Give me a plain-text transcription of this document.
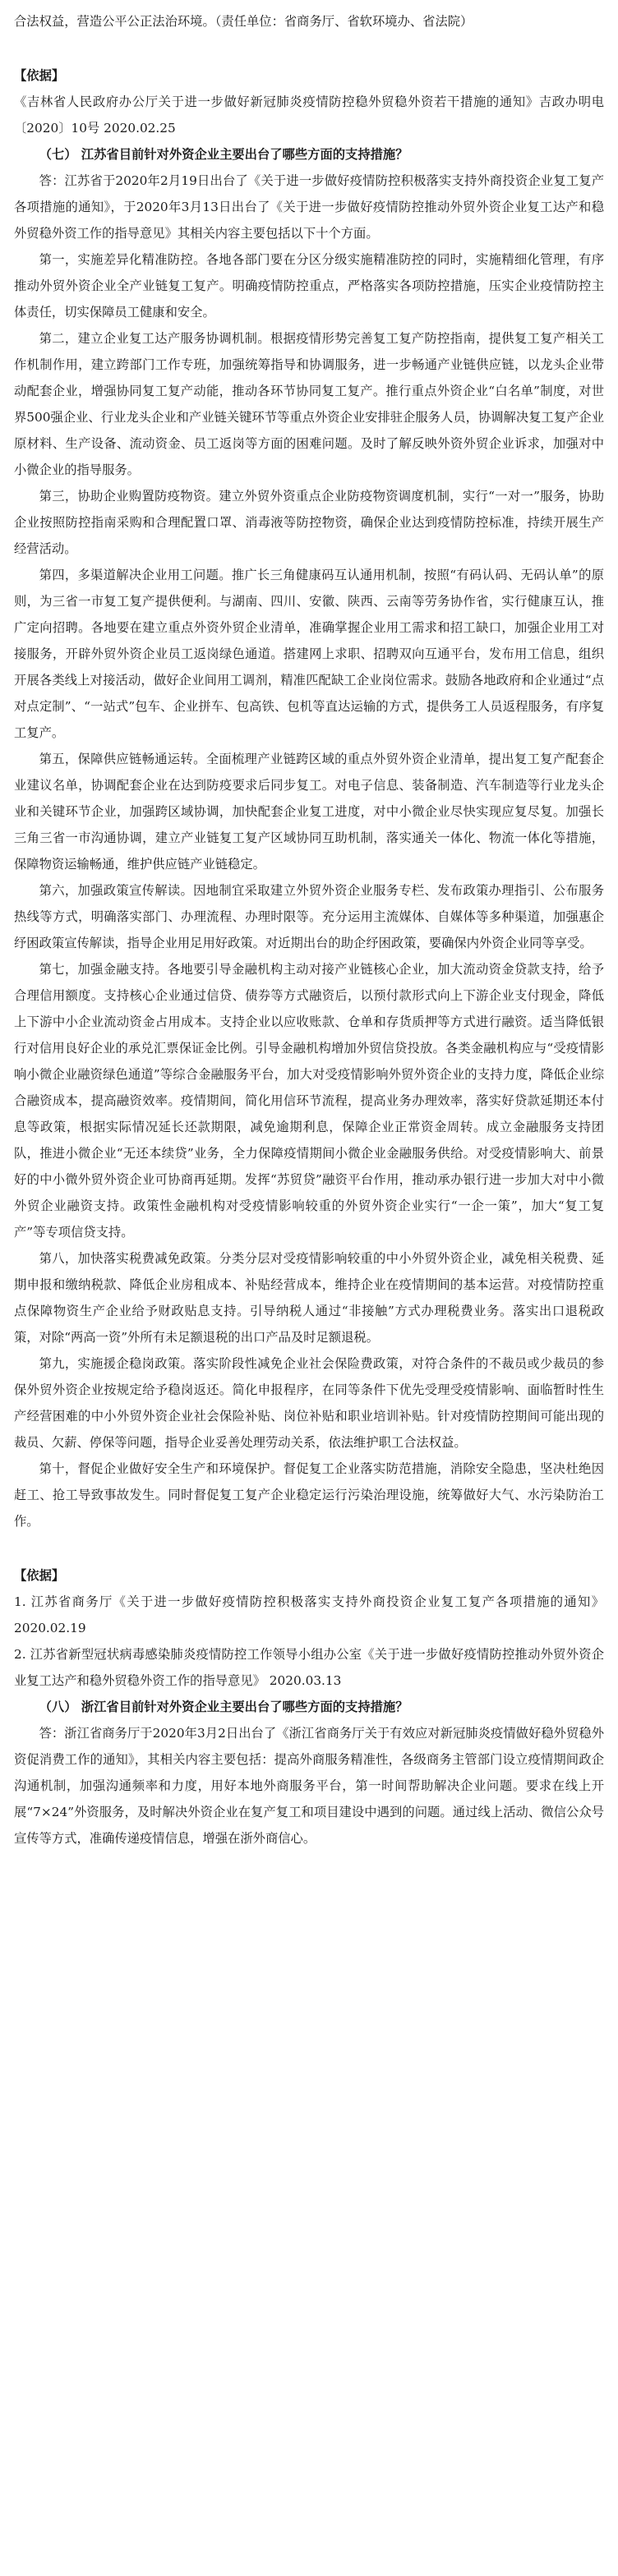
合法权益，营造公平公正法治环境。（责任单位：省商务厅、省软环境办、省法院）

【依据】

《吉林省人民政府办公厅关于进一步做好新冠肺炎疫情防控稳外贸稳外资若干措施的通知》吉政办明电〔2020〕10号 2020.02.25

（七） 江苏省目前针对外资企业主要出台了哪些方面的支持措施？

答：江苏省于2020年2月19日出台了《关于进一步做好疫情防控积极落实支持外商投资企业复工复产各项措施的通知》，于2020年3月13日出台了《关于进一步做好疫情防控推动外贸外资企业复工达产和稳外贸稳外资工作的指导意见》其相关内容主要包括以下十个方面。

第一，实施差异化精准防控。各地各部门要在分区分级实施精准防控的同时，实施精细化管理，有序推动外贸外资企业全产业链复工复产。明确疫情防控重点，严格落实各项防控措施，压实企业疫情防控主体责任，切实保障员工健康和安全。

第二，建立企业复工达产服务协调机制。根据疫情形势完善复工复产防控指南，提供复工复产相关工作机制作用，建立跨部门工作专班，加强统筹指导和协调服务，进一步畅通产业链供应链，以龙头企业带动配套企业，增强协同复工复产动能，推动各环节协同复工复产。推行重点外资企业“白名单”制度，对世界500强企业、行业龙头企业和产业链关键环节等重点外资企业安排驻企服务人员，协调解决复工复产企业原材料、生产设备、流动资金、员工返岗等方面的困难问题。及时了解反映外资外贸企业诉求，加强对中小微企业的指导服务。

第三，协助企业购置防疫物资。建立外贸外资重点企业防疫物资调度机制，实行“一对一”服务，协助企业按照防控指南采购和合理配置口罩、消毒液等防控物资，确保企业达到疫情防控标准，持续开展生产经营活动。

第四，多渠道解决企业用工问题。推广长三角健康码互认通用机制，按照“有码认码、无码认单”的原则，为三省一市复工复产提供便利。与湖南、四川、安徽、陕西、云南等劳务协作省，实行健康互认，推广定向招聘。各地要在建立重点外资外贸企业清单，准确掌握企业用工需求和招工缺口，加强企业用工对接服务，开辟外贸外资企业员工返岗绿色通道。搭建网上求职、招聘双向互通平台，发布用工信息，组织开展各类线上对接活动，做好企业间用工调剂，精准匹配缺工企业岗位需求。鼓励各地政府和企业通过“点对点定制”、“一站式”包车、企业拼车、包高铁、包机等直达运输的方式，提供务工人员返程服务，有序复工复产。

第五，保障供应链畅通运转。全面梳理产业链跨区域的重点外贸外资企业清单，提出复工复产配套企业建议名单，协调配套企业在达到防疫要求后同步复工。对电子信息、装备制造、汽车制造等行业龙头企业和关键环节企业，加强跨区域协调，加快配套企业复工进度，对中小微企业尽快实现应复尽复。加强长三角三省一市沟通协调，建立产业链复工复产区域协同互助机制，落实通关一体化、物流一体化等措施，保障物资运输畅通，维护供应链产业链稳定。

第六，加强政策宣传解读。因地制宜采取建立外贸外资企业服务专栏、发布政策办理指引、公布服务热线等方式，明确落实部门、办理流程、办理时限等。充分运用主流媒体、自媒体等多种渠道，加强惠企纾困政策宣传解读，指导企业用足用好政策。对近期出台的助企纾困政策，要确保内外资企业同等享受。

第七，加强金融支持。各地要引导金融机构主动对接产业链核心企业，加大流动资金贷款支持，给予合理信用额度。支持核心企业通过信贷、债券等方式融资后，以预付款形式向上下游企业支付现金，降低上下游中小企业流动资金占用成本。支持企业以应收账款、仓单和存货质押等方式进行融资。适当降低银行对信用良好企业的承兑汇票保证金比例。引导金融机构增加外贸信贷投放。各类金融机构应与“受疫情影响小微企业融资绿色通道”等综合金融服务平台，加大对受疫情影响外贸外资企业的支持力度，降低企业综合融资成本，提高融资效率。疫情期间，简化用信环节流程，提高业务办理效率，落实好贷款延期还本付息等政策，根据实际情况延长还款期限，减免逾期利息，保障企业正常资金周转。成立金融服务支持团队，推进小微企业“无还本续贷”业务，全力保障疫情期间小微企业金融服务供给。对受疫情影响大、前景好的中小微外贸外资企业可协商再延期。发挥“苏贸贷”融资平台作用，推动承办银行进一步加大对中小微外贸企业融资支持。政策性金融机构对受疫情影响较重的外贸外资企业实行“一企一策”，加大“复工复产”等专项信贷支持。

第八，加快落实税费减免政策。分类分层对受疫情影响较重的中小外贸外资企业，减免相关税费、延期申报和缴纳税款、降低企业房租成本、补贴经营成本，维持企业在疫情期间的基本运营。对疫情防控重点保障物资生产企业给予财政贴息支持。引导纳税人通过“非接触”方式办理税费业务。落实出口退税政策，对除“两高一资”外所有未足额退税的出口产品及时足额退税。

第九，实施援企稳岗政策。落实阶段性减免企业社会保险费政策，对符合条件的不裁员或少裁员的参保外贸外资企业按规定给予稳岗返还。简化申报程序，在同等条件下优先受理受疫情影响、面临暂时性生产经营困难的中小外贸外资企业社会保险补贴、岗位补贴和职业培训补贴。针对疫情防控期间可能出现的裁员、欠薪、停保等问题，指导企业妥善处理劳动关系，依法维护职工合法权益。

第十，督促企业做好安全生产和环境保护。督促复工企业落实防范措施，消除安全隐患，坚决杜绝因赶工、抢工导致事故发生。同时督促复工复产企业稳定运行污染治理设施，统筹做好大气、水污染防治工作。

【依据】

1. 江苏省商务厅《关于进一步做好疫情防控积极落实支持外商投资企业复工复产各项措施的通知》 2020.02.19

2. 江苏省新型冠状病毒感染肺炎疫情防控工作领导小组办公室《关于进一步做好疫情防控推动外贸外资企业复工达产和稳外贸稳外资工作的指导意见》 2020.03.13

（八） 浙江省目前针对外资企业主要出台了哪些方面的支持措施？

答：浙江省商务厅于2020年3月2日出台了《浙江省商务厅关于有效应对新冠肺炎疫情做好稳外贸稳外资促消费工作的通知》，其相关内容主要包括：提高外商服务精准性，各级商务主管部门设立疫情期间政企沟通机制，加强沟通频率和力度，用好本地外商服务平台，第一时间帮助解决企业问题。要求在线上开展“7×24”外资服务，及时解决外资企业在复产复工和项目建设中遇到的问题。通过线上活动、微信公众号宣传等方式，准确传递疫情信息，增强在浙外商信心。
